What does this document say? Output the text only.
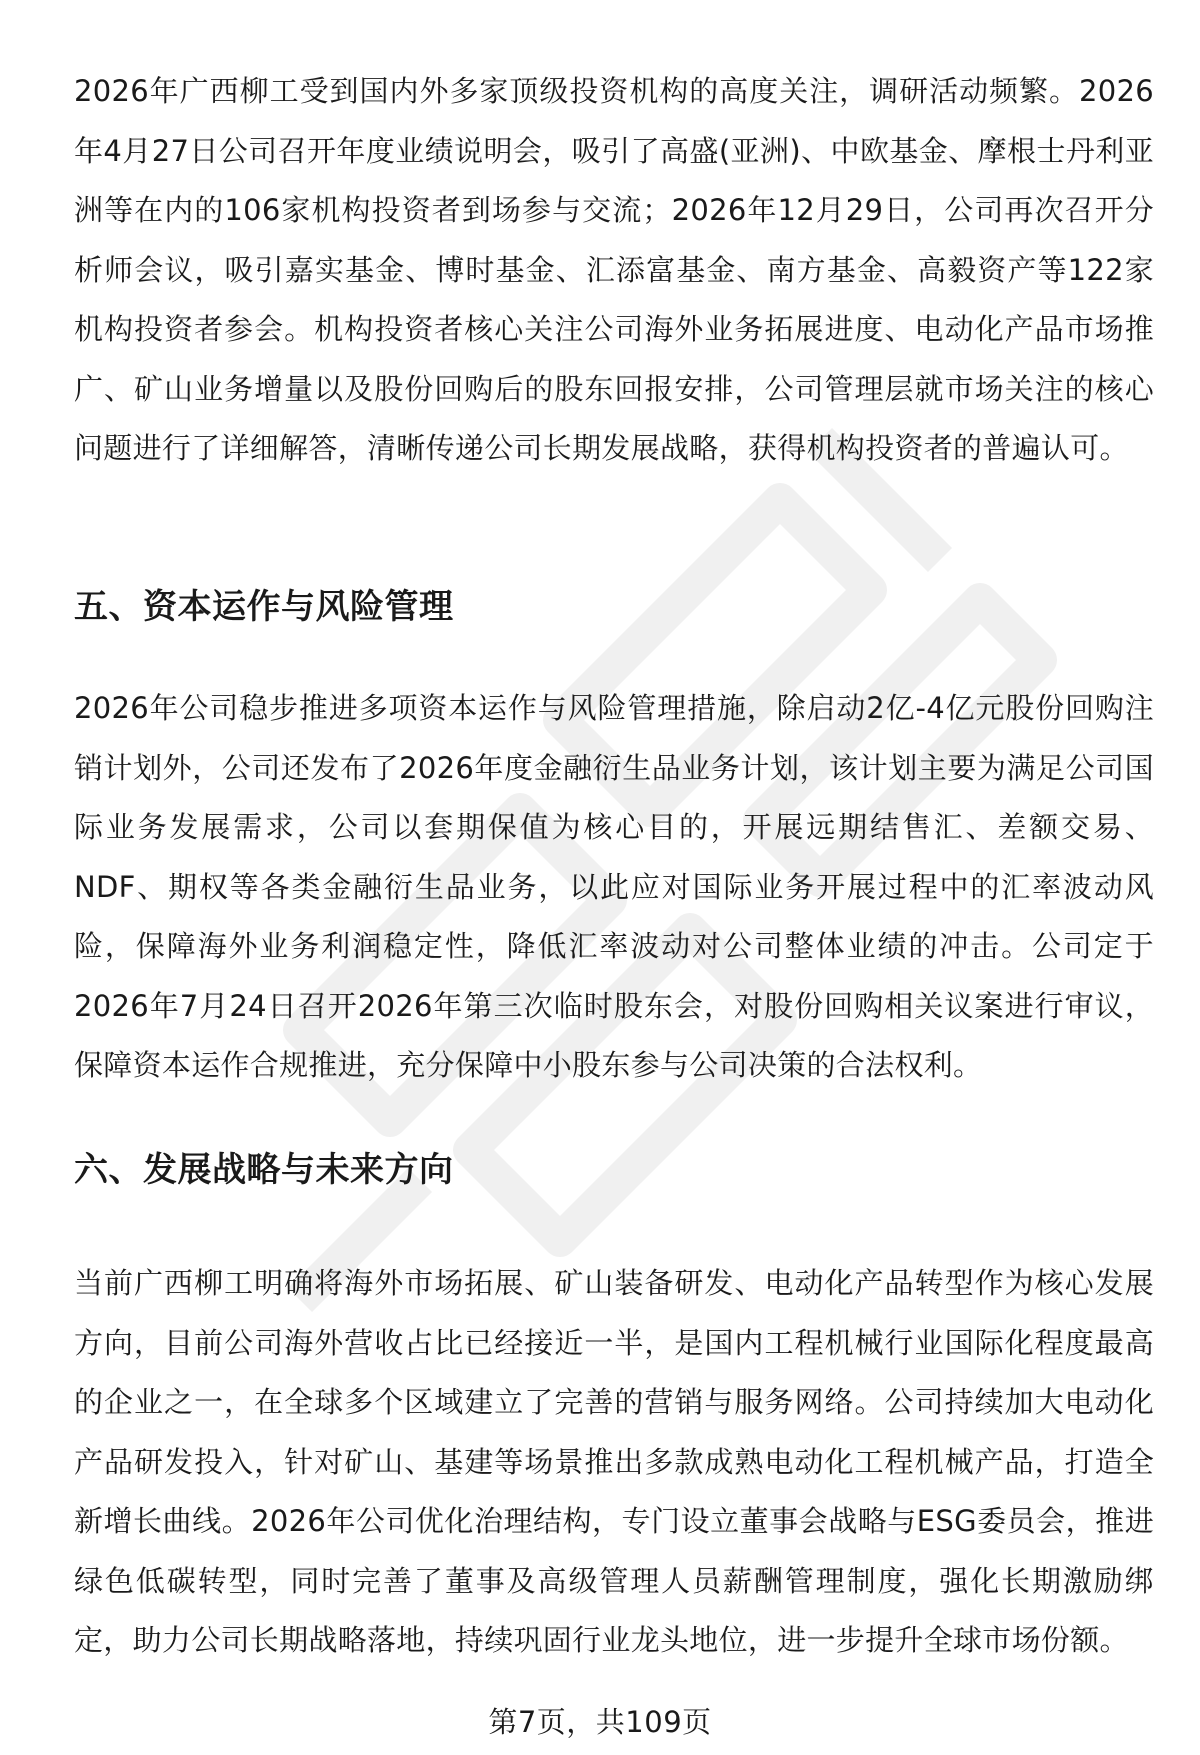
2026年广西柳工受到国内外多家顶级投资机构的高度关注，调研活动频繁。2026年4月27日公司召开年度业绩说明会，吸引了高盛(亚洲)、中欧基金、摩根士丹利亚洲等在内的106家机构投资者到场参与交流；2026年12月29日，公司再次召开分析师会议，吸引嘉实基金、博时基金、汇添富基金、南方基金、高毅资产等122家机构投资者参会。机构投资者核心关注公司海外业务拓展进度、电动化产品市场推广、矿山业务增量以及股份回购后的股东回报安排，公司管理层就市场关注的核心问题进行了详细解答，清晰传递公司长期发展战略，获得机构投资者的普遍认可。

五、资本运作与风险管理

2026年公司稳步推进多项资本运作与风险管理措施，除启动2亿-4亿元股份回购注销计划外，公司还发布了2026年度金融衍生品业务计划，该计划主要为满足公司国际业务发展需求，公司以套期保值为核心目的，开展远期结售汇、差额交易、NDF、期权等各类金融衍生品业务，以此应对国际业务开展过程中的汇率波动风险，保障海外业务利润稳定性，降低汇率波动对公司整体业绩的冲击。公司定于2026年7月24日召开2026年第三次临时股东会，对股份回购相关议案进行审议，保障资本运作合规推进，充分保障中小股东参与公司决策的合法权利。

六、发展战略与未来方向

当前广西柳工明确将海外市场拓展、矿山装备研发、电动化产品转型作为核心发展方向，目前公司海外营收占比已经接近一半，是国内工程机械行业国际化程度最高的企业之一，在全球多个区域建立了完善的营销与服务网络。公司持续加大电动化产品研发投入，针对矿山、基建等场景推出多款成熟电动化工程机械产品，打造全新增长曲线。2026年公司优化治理结构，专门设立董事会战略与ESG委员会，推进绿色低碳转型，同时完善了董事及高级管理人员薪酬管理制度，强化长期激励绑定，助力公司长期战略落地，持续巩固行业龙头地位，进一步提升全球市场份额。

第7页，共109页
